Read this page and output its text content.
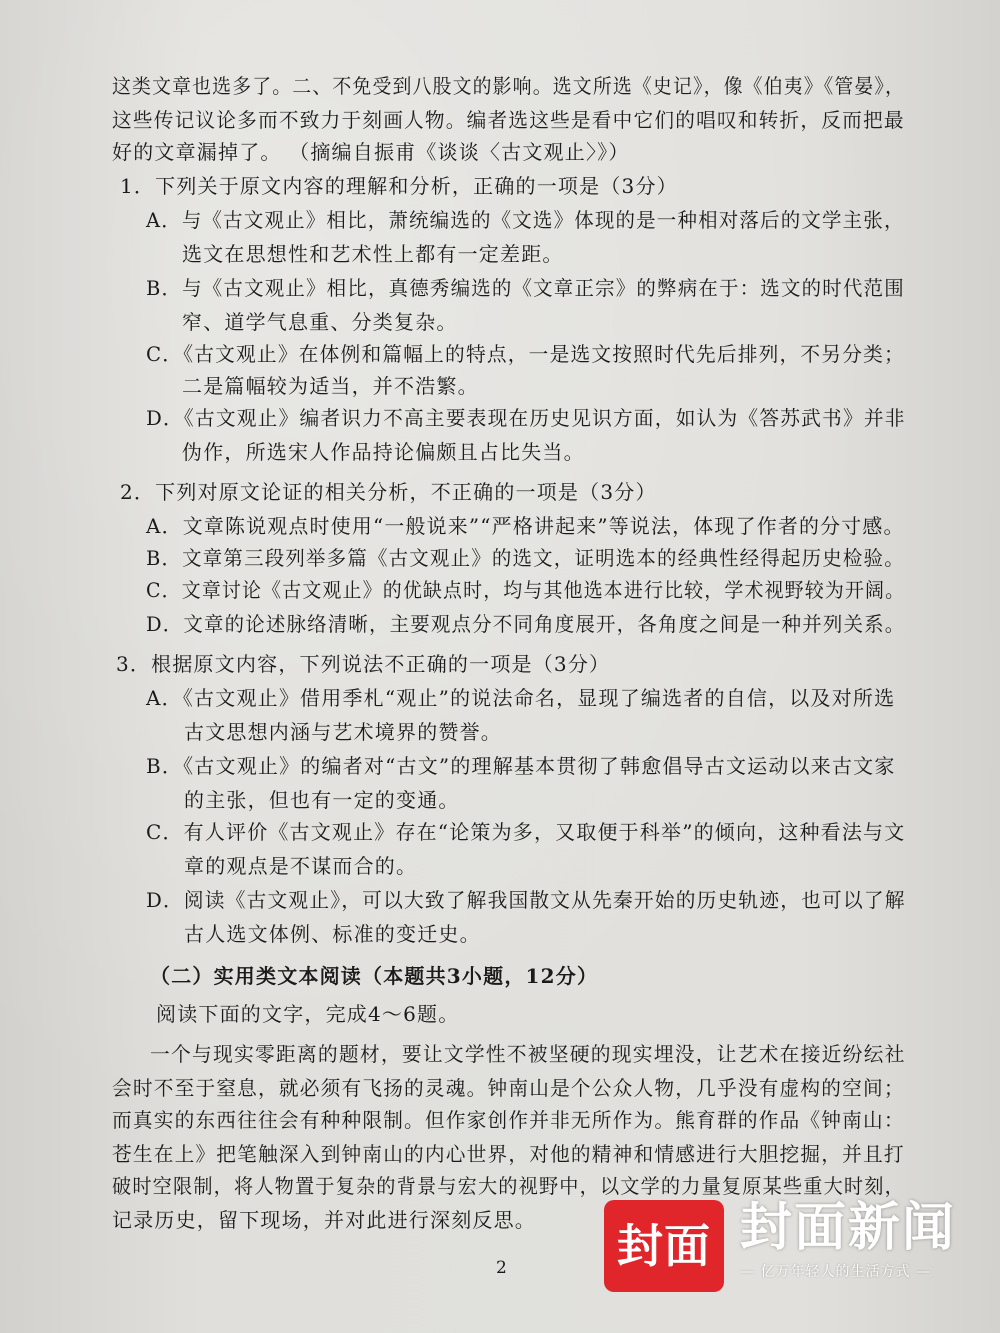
这类文章也选多了。二、不免受到八股文的影响。选文所选《史记》，像《伯夷》《管晏》，
这些传记议论多而不致力于刻画人物。编者选这些是看中它们的唱叹和转折，反而把最
好的文章漏掉了。 （摘编自振甫《谈谈〈古文观止〉》）
1．下列关于原文内容的理解和分析，正确的一项是（3分）
A．与《古文观止》相比，萧统编选的《文选》体现的是一种相对落后的文学主张，
选文在思想性和艺术性上都有一定差距。
B．与《古文观止》相比，真德秀编选的《文章正宗》的弊病在于：选文的时代范围
窄、道学气息重、分类复杂。
C．《古文观止》在体例和篇幅上的特点，一是选文按照时代先后排列，不另分类；
二是篇幅较为适当，并不浩繁。
D．《古文观止》编者识力不高主要表现在历史见识方面，如认为《答苏武书》并非
伪作，所选宋人作品持论偏颇且占比失当。
2．下列对原文论证的相关分析，不正确的一项是（3分）
A．文章陈说观点时使用“一般说来”“严格讲起来”等说法，体现了作者的分寸感。
B．文章第三段列举多篇《古文观止》的选文，证明选本的经典性经得起历史检验。
C．文章讨论《古文观止》的优缺点时，均与其他选本进行比较，学术视野较为开阔。
D．文章的论述脉络清晰，主要观点分不同角度展开，各角度之间是一种并列关系。
3．根据原文内容，下列说法不正确的一项是（3分）
A．《古文观止》借用季札“观止”的说法命名，显现了编选者的自信，以及对所选
古文思想内涵与艺术境界的赞誉。
B．《古文观止》的编者对“古文”的理解基本贯彻了韩愈倡导古文运动以来古文家
的主张，但也有一定的变通。
C．有人评价《古文观止》存在“论策为多，又取便于科举”的倾向，这种看法与文
章的观点是不谋而合的。
D．阅读《古文观止》，可以大致了解我国散文从先秦开始的历史轨迹，也可以了解
古人选文体例、标准的变迁史。
（二）实用类文本阅读（本题共3小题，12分）
阅读下面的文字，完成4～6题。
一个与现实零距离的题材，要让文学性不被坚硬的现实埋没，让艺术在接近纷纭社
会时不至于窒息，就必须有飞扬的灵魂。钟南山是个公众人物，几乎没有虚构的空间；
而真实的东西往往会有种种限制。但作家创作并非无所作为。熊育群的作品《钟南山：
苍生在上》把笔触深入到钟南山的内心世界，对他的精神和情感进行大胆挖掘，并且打
破时空限制，将人物置于复杂的背景与宏大的视野中，以文学的力量复原某些重大时刻，
记录历史，留下现场，并对此进行深刻反思。
2 封面 封面新闻
— 亿万年轻人的生活方式 —
